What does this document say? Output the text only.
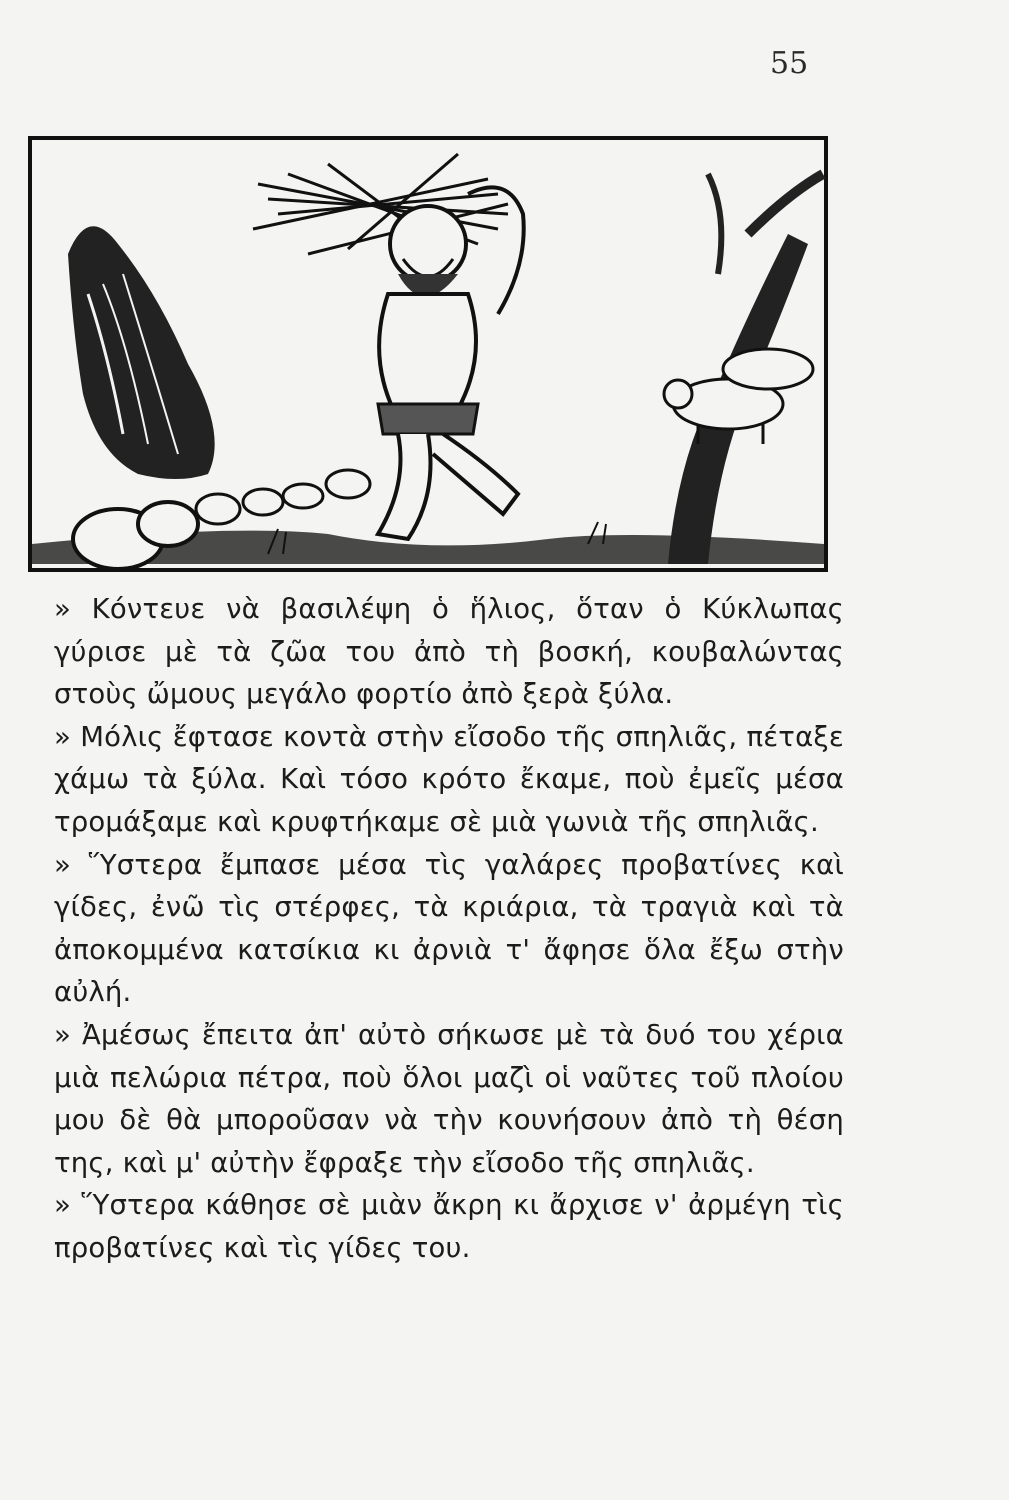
55

» Κόντευε νὰ βασιλέψη ὁ ἥλιος, ὅταν ὁ Κύκλωπας γύρισε μὲ τὰ ζῶα του ἀπὸ τὴ βοσκή, κουβαλώντας στοὺς ὤμους μεγάλο φορτίο ἀπὸ ξερὰ ξύλα.

» Μόλις ἔφτασε κοντὰ στὴν εἴσοδο τῆς σπηλιᾶς, πέταξε χάμω τὰ ξύλα. Καὶ τόσο κρότο ἔκαμε, ποὺ ἐμεῖς μέσα τρομάξαμε καὶ κρυφτήκαμε σὲ μιὰ γωνιὰ τῆς σπηλιᾶς.

» Ὕστερα ἔμπασε μέσα τὶς γαλάρες προβατίνες καὶ γίδες, ἐνῶ τὶς στέρφες, τὰ κριάρια, τὰ τραγιὰ καὶ τὰ ἀποκομμένα κατσίκια κι ἀρνιὰ τ' ἄφησε ὅλα ἔξω στὴν αὐλή.

» Ἀμέσως ἔπειτα ἀπ' αὐτὸ σήκωσε μὲ τὰ δυό του χέρια μιὰ πελώρια πέτρα, ποὺ ὅλοι μαζὶ οἱ ναῦτες τοῦ πλοίου μου δὲ θὰ μποροῦσαν νὰ τὴν κουνήσουν ἀπὸ τὴ θέση της, καὶ μ' αὐτὴν ἔφραξε τὴν εἴσοδο τῆς σπηλιᾶς.

» Ὕστερα κάθησε σὲ μιὰν ἄκρη κι ἄρχισε ν' ἀρμέγη τὶς προβατίνες καὶ τὶς γίδες του.
